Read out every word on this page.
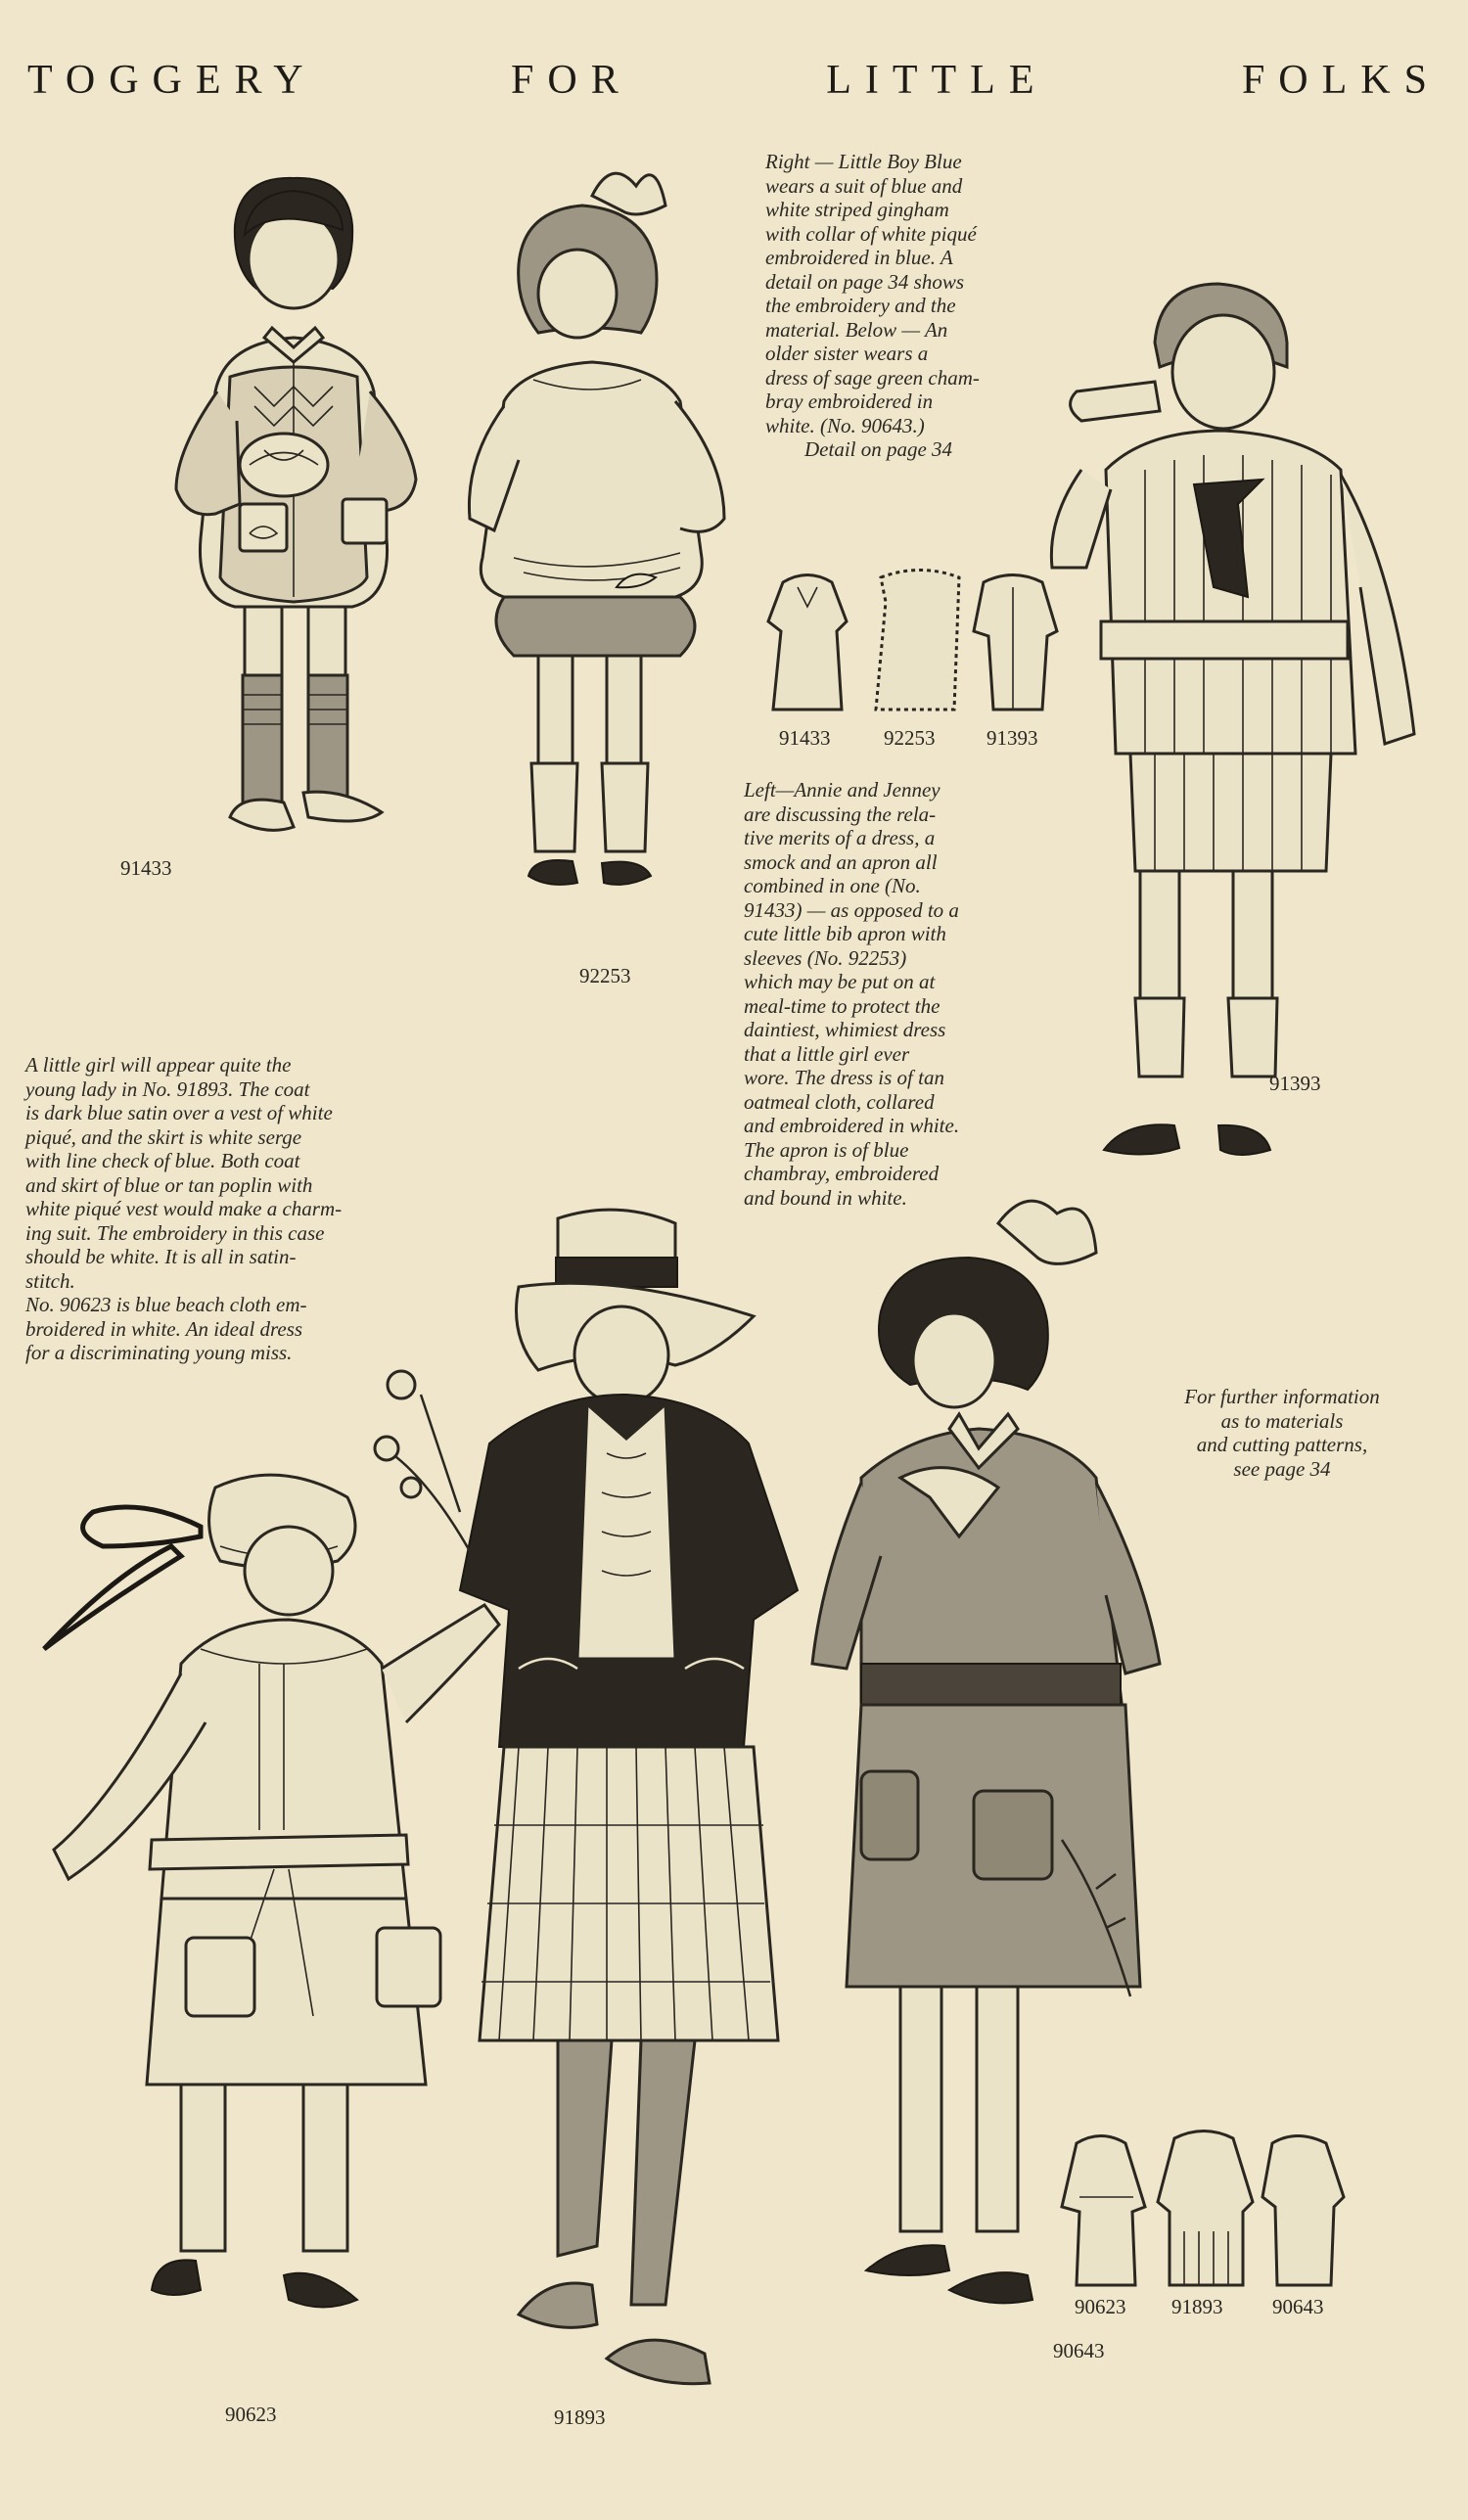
TOGGERY	FOR	LITTLE	FOLKS
Right — Little Boy Blue
wears a suit of blue and
white striped gingham
with collar of white piqué
embroidered in blue. A
detail on page 34 shows
the embroidery and the
material. Below — An
older sister wears a
dress of sage green cham-
bray embroidered in
white. (No. 90643.)
Detail on page 34
Left—Annie and Jenney
are discussing the rela-
tive merits of a dress, a
smock and an apron all
combined in one (No.
91433) — as opposed to a
cute little bib apron with
sleeves (No. 92253)
which may be put on at
meal-time to protect the
daintiest, whimiest dress
that a little girl ever
wore. The dress is of tan
oatmeal cloth, collared
and embroidered in white.
The apron is of blue
chambray, embroidered
and bound in white.
A little girl will appear quite the
young lady in No. 91893. The coat
is dark blue satin over a vest of white
piqué, and the skirt is white serge
with line check of blue. Both coat
and skirt of blue or tan poplin with
white piqué vest would make a charm-
ing suit. The embroidery in this case
should be white. It is all in satin-
stitch.
No. 90623 is blue beach cloth em-
broidered in white. An ideal dress
for a discriminating young miss.
For further information
as to materials
and cutting patterns,
see page 34
91433
92253
91433	92253	91393
91393
90623	91893
90643
90623 91893 90643
